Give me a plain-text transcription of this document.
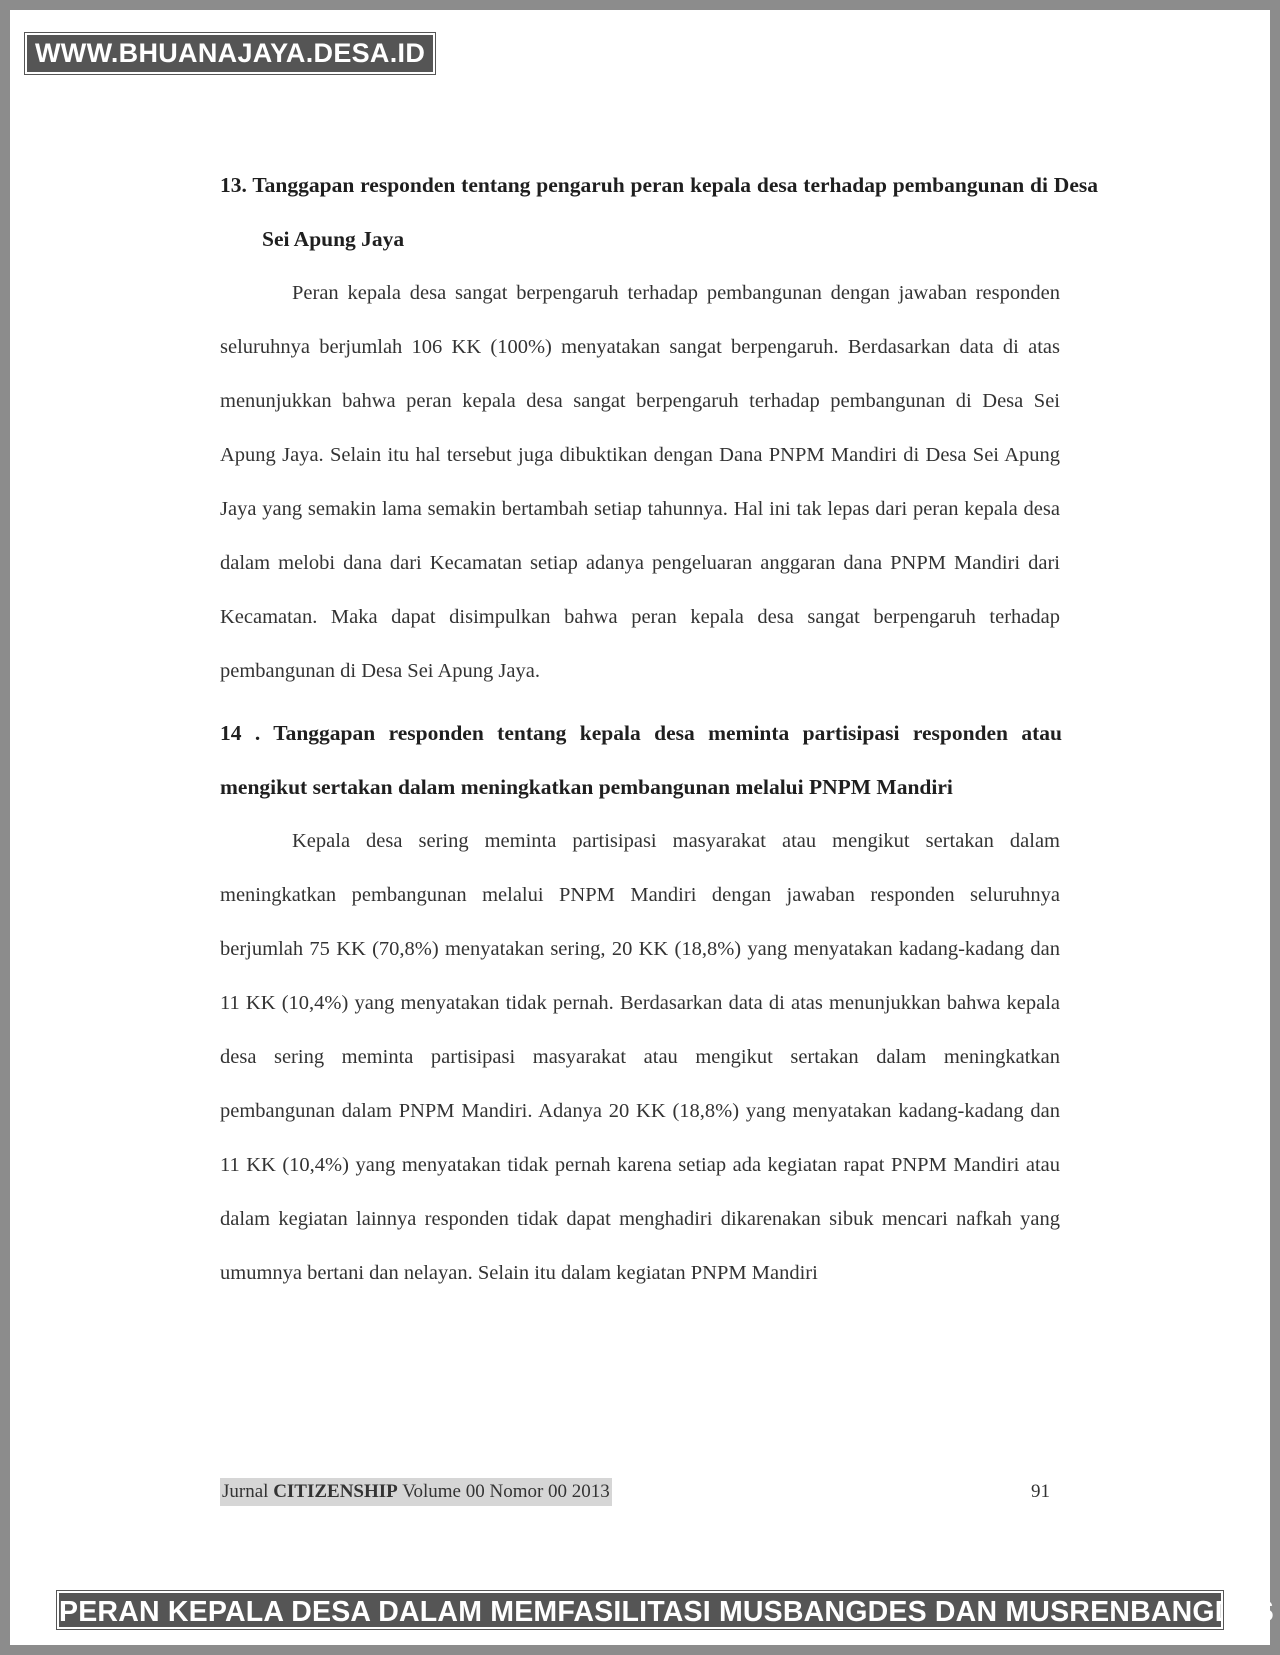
WWW.BHUANAJAYA.DESA.ID

13. Tanggapan responden tentang pengaruh peran kepala desa terhadap pembangunan di Desa Sei Apung Jaya

Peran kepala desa sangat berpengaruh terhadap pembangunan dengan jawaban responden seluruhnya berjumlah 106 KK (100%) menyatakan sangat berpengaruh. Berdasarkan data di atas menunjukkan bahwa peran kepala desa sangat berpengaruh terhadap pembangunan di Desa Sei Apung Jaya. Selain itu hal tersebut juga dibuktikan dengan Dana PNPM Mandiri di Desa Sei Apung Jaya yang semakin lama semakin bertambah setiap tahunnya. Hal ini tak lepas dari peran kepala desa dalam melobi dana dari Kecamatan setiap adanya pengeluaran anggaran dana PNPM Mandiri dari Kecamatan. Maka dapat disimpulkan bahwa peran kepala desa sangat berpengaruh terhadap pembangunan di Desa Sei Apung Jaya.

14 . Tanggapan responden tentang kepala desa meminta partisipasi responden atau mengikut sertakan dalam meningkatkan pembangunan melalui PNPM Mandiri

Kepala desa sering meminta partisipasi masyarakat atau mengikut sertakan dalam meningkatkan pembangunan melalui PNPM Mandiri dengan jawaban responden seluruhnya berjumlah 75 KK (70,8%) menyatakan sering, 20 KK (18,8%) yang menyatakan kadang-kadang dan 11 KK (10,4%) yang menyatakan tidak pernah. Berdasarkan data di atas menunjukkan bahwa kepala desa sering meminta partisipasi masyarakat atau mengikut sertakan dalam meningkatkan pembangunan dalam PNPM Mandiri. Adanya 20 KK (18,8%) yang menyatakan kadang-kadang dan 11 KK (10,4%) yang menyatakan tidak pernah karena setiap ada kegiatan rapat PNPM Mandiri atau dalam kegiatan lainnya responden tidak dapat menghadiri dikarenakan sibuk mencari nafkah yang umumnya bertani dan nelayan. Selain itu dalam kegiatan PNPM Mandiri

Jurnal CITIZENSHIP Volume 00 Nomor 00 2013	91
PERAN KEPALA DESA DALAM MEMFASILITASI MUSBANGDES DAN MUSRENBANGDES
